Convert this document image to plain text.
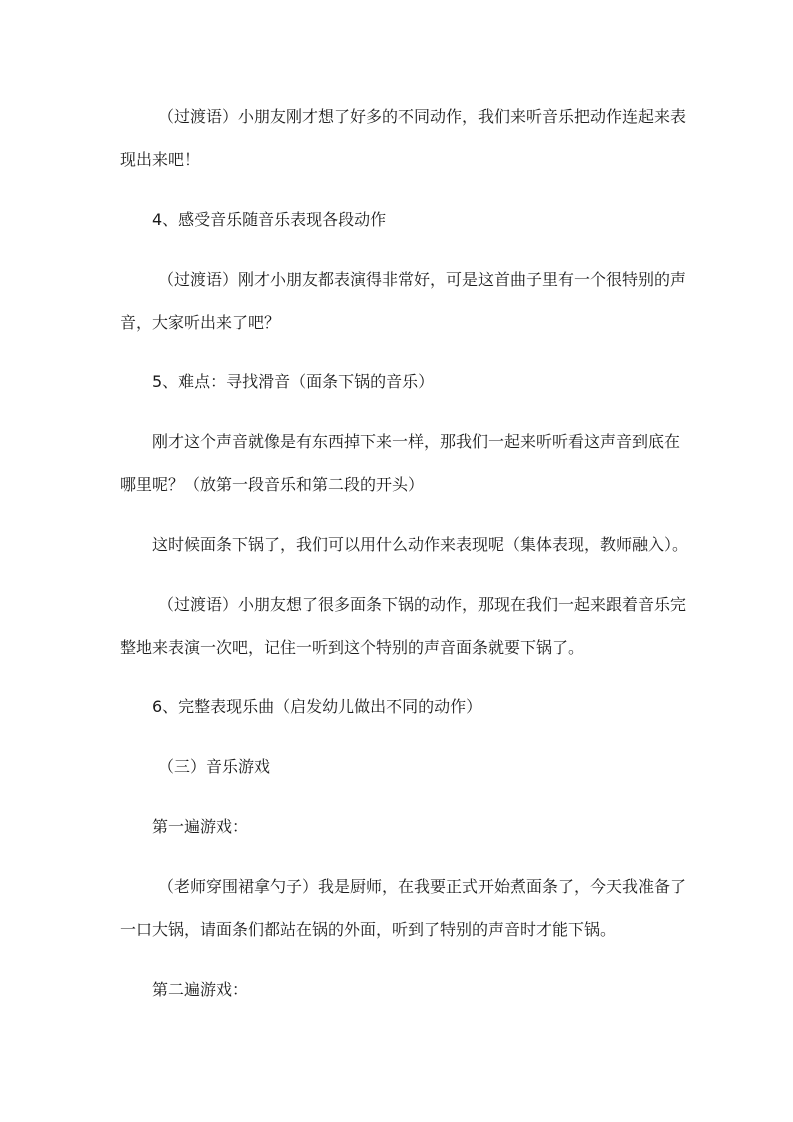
（过渡语）小朋友刚才想了好多的不同动作，我们来听音乐把动作连起来表
现出来吧！
4、感受音乐随音乐表现各段动作
（过渡语）刚才小朋友都表演得非常好，可是这首曲子里有一个很特别的声
音，大家听出来了吧？
5、难点：寻找滑音（面条下锅的音乐）
刚才这个声音就像是有东西掉下来一样，那我们一起来听听看这声音到底在
哪里呢？（放第一段音乐和第二段的开头）
这时候面条下锅了，我们可以用什么动作来表现呢（集体表现，教师融入）。
（过渡语）小朋友想了很多面条下锅的动作，那现在我们一起来跟着音乐完
整地来表演一次吧，记住一听到这个特别的声音面条就要下锅了。
6、完整表现乐曲（启发幼儿做出不同的动作）
（三）音乐游戏
第一遍游戏：
（老师穿围裙拿勺子）我是厨师，在我要正式开始煮面条了，今天我准备了
一口大锅，请面条们都站在锅的外面，听到了特别的声音时才能下锅。
第二遍游戏：
